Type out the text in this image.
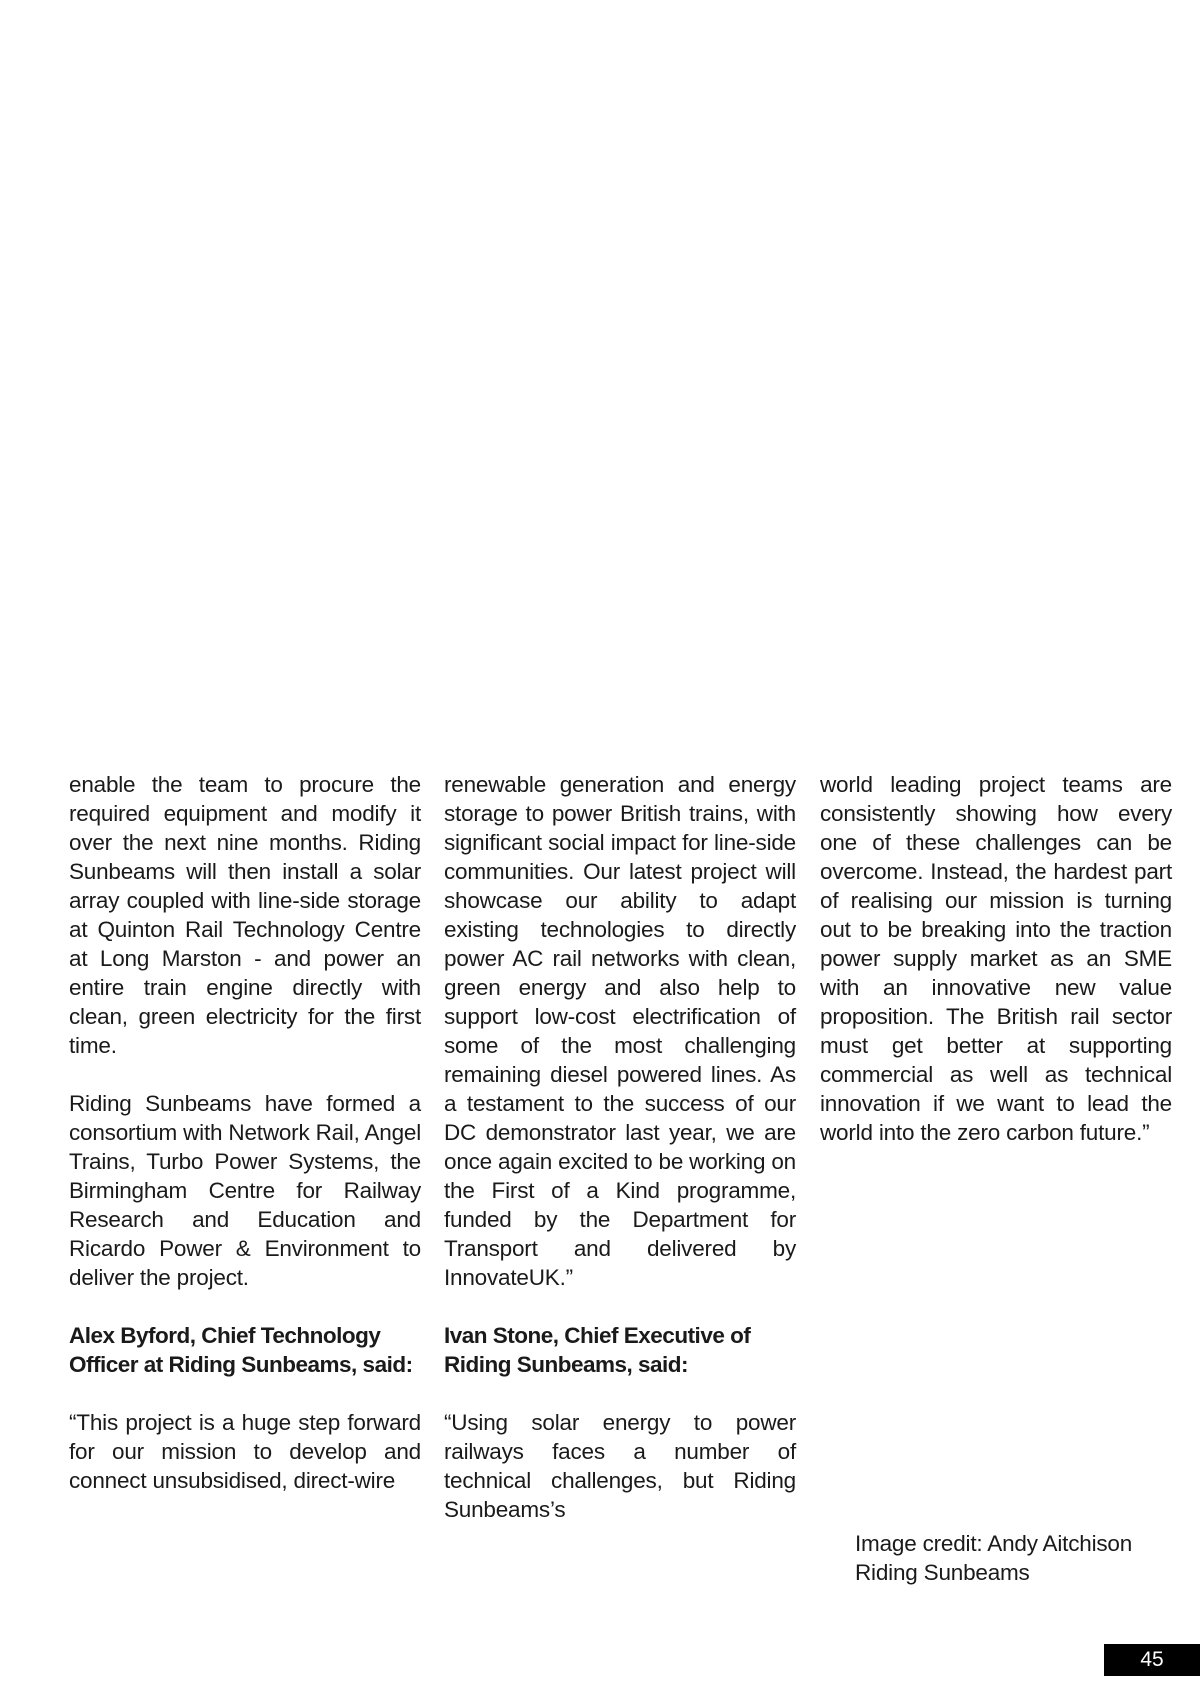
enable the team to procure the required equipment and modify it over the next nine months. Riding Sunbeams will then install a solar array coupled with line-side storage at Quinton Rail Technology Centre at Long Marston - and power an entire train engine directly with clean, green electricity for the first time.

Riding Sunbeams have formed a consortium with Network Rail, Angel Trains, Turbo Power Systems, the Birmingham Centre for Railway Research and Education and Ricardo Power & Environment to deliver the project.

Alex Byford, Chief Technology Officer at Riding Sunbeams, said:

“This project is a huge step forward for our mission to develop and connect unsubsidised, direct-wire

renewable generation and energy storage to power British trains, with significant social impact for line-side communities. Our latest project will showcase our ability to adapt existing technologies to directly power AC rail networks with clean, green energy and also help to support low-cost electrification of some of the most challenging remaining diesel powered lines. As a testament to the success of our DC demonstrator last year, we are once again excited to be working on the First of a Kind programme, funded by the Department for Transport and delivered by InnovateUK.”

Ivan Stone, Chief Executive of Riding Sunbeams, said:

“Using solar energy to power railways faces a number of technical challenges, but Riding Sunbeams’s

world leading project teams are consistently showing how every one of these challenges can be overcome. Instead, the hardest part of realising our mission is turning out to be breaking into the traction power supply market as an SME with an innovative new value proposition. The British rail sector must get better at supporting commercial as well as technical innovation if we want to lead the world into the zero carbon future.”

Image credit: Andy Aitchison
Riding Sunbeams
45
